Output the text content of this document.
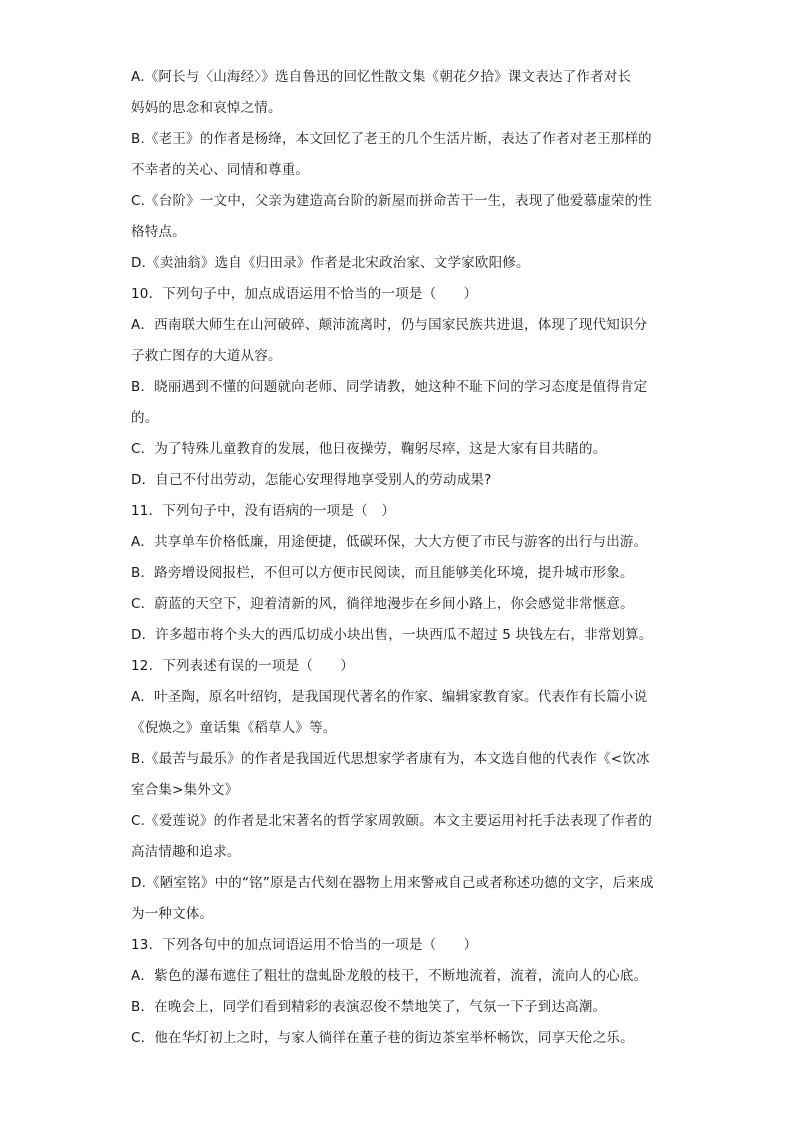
A.《阿长与〈山海经〉》选自鲁迅的回忆性散文集《朝花夕拾》课文表达了作者对长
妈妈的思念和哀悼之情。
B.《老王》的作者是杨绛，本文回忆了老王的几个生活片断，表达了作者对老王那样的
不幸者的关心、同情和尊重。
C.《台阶》一文中，父亲为建造高台阶的新屋而拼命苦干一生，表现了他爱慕虚荣的性
格特点。
D.《卖油翁》选自《归田录》作者是北宋政治家、文学家欧阳修。
10．下列句子中，加点成语运用不恰当的一项是（　　）
A．西南联大师生在山河破碎、颠沛流离时，仍与国家民族共进退，体现了现代知识分
子救亡图存的大道从容。
B．晓丽遇到不懂的问题就向老师、同学请教，她这种不耻下问的学习态度是值得肯定
的。
C．为了特殊儿童教育的发展，他日夜操劳，鞠躬尽瘁，这是大家有目共睹的。
D．自己不付出劳动，怎能心安理得地享受别人的劳动成果?
11．下列句子中，没有语病的一项是（　）
A．共享单车价格低廉，用途便捷，低碳环保，大大方便了市民与游客的出行与出游。
B．路旁增设阅报栏，不但可以方便市民阅读，而且能够美化环境，提升城市形象。
C．蔚蓝的天空下，迎着清新的风，徜徉地漫步在乡间小路上，你会感觉非常惬意。
D．许多超市将个头大的西瓜切成小块出售，一块西瓜不超过 5 块钱左右，非常划算。
12．下列表述有误的一项是（　　）
A．叶圣陶，原名叶绍钧，是我国现代著名的作家、编辑家教育家。代表作有长篇小说
《倪焕之》童话集《稻草人》等。
B.《最苦与最乐》的作者是我国近代思想家学者康有为，本文选自他的代表作《<饮冰
室合集>集外文》
C.《爱莲说》的作者是北宋著名的哲学家周敦颐。本文主要运用衬托手法表现了作者的
高洁情趣和追求。
D.《陋室铭》中的“铭”原是古代刻在器物上用来警戒自己或者称述功德的文字，后来成
为一种文体。
13．下列各句中的加点词语运用不恰当的一项是（　　）
A．紫色的瀑布遮住了粗壮的盘虬卧龙般的枝干，不断地流着，流着，流向人的心底。
B．在晚会上，同学们看到精彩的表演忍俊不禁地笑了，气氛一下子到达高潮。
C．他在华灯初上之时，与家人徜徉在董子巷的街边茶室举杯畅饮，同享天伦之乐。
